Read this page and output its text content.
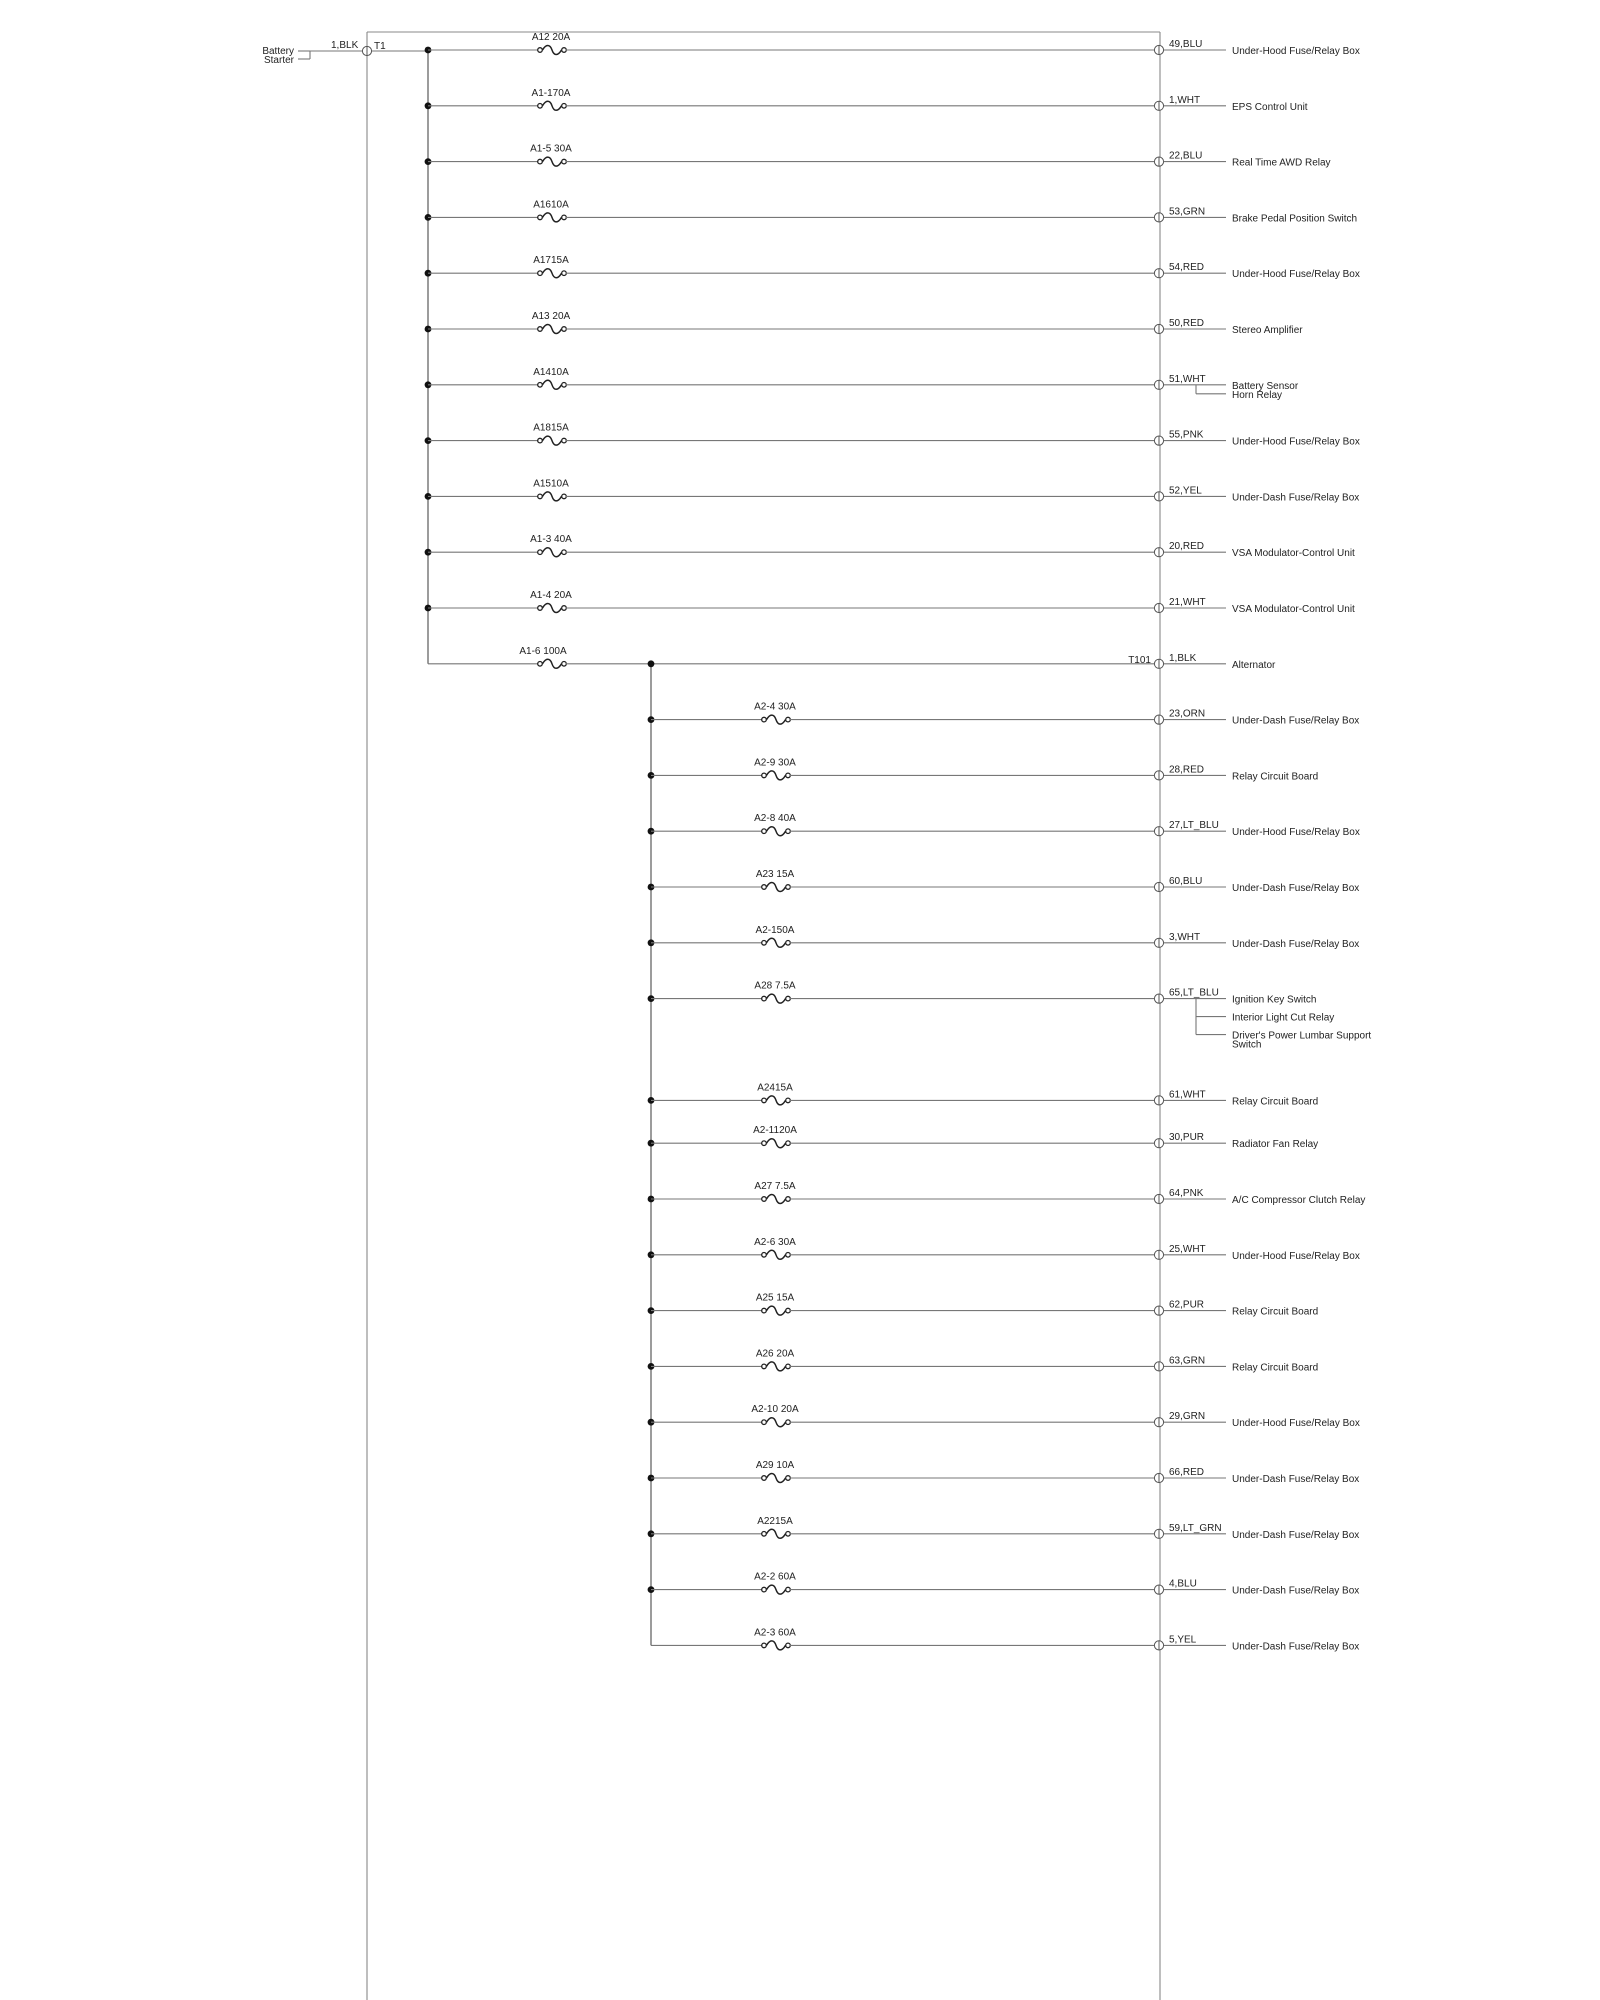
Battery
Starter
1,BLK T1
A12 20A
49,BLU
Under-Hood Fuse/Relay Box
A1-170A
1,WHT
EPS Control Unit
A1-5 30A
22,BLU
Real Time AWD Relay
A1610A
53,GRN
Brake Pedal Position Switch
A1715A
54,RED
Under-Hood Fuse/Relay Box
A13 20A
50,RED
Stereo Amplifier
A1410A
51,WHT
Battery Sensor
Horn Relay
A1815A
55,PNK
Under-Hood Fuse/Relay Box
A1510A
52,YEL
Under-Dash Fuse/Relay Box
A1-3 40A
20,RED
VSA Modulator-Control Unit
A1-4 20A
21,WHT
VSA Modulator-Control Unit
A1-6 100A
T101 1,BLK
Alternator
A2-4 30A
23,ORN
Under-Dash Fuse/Relay Box
A2-9 30A
28,RED
Relay Circuit Board
A2-8 40A
27,LT_BLU
Under-Hood Fuse/Relay Box
A23 15A
60,BLU
Under-Dash Fuse/Relay Box
A2-150A
3,WHT
Under-Dash Fuse/Relay Box
A28 7.5A
65,LT_BLU
Ignition Key Switch
Interior Light Cut Relay
Driver's Power Lumbar Support Switch
A2415A
61,WHT
Relay Circuit Board
A2-1120A
30,PUR
Radiator Fan Relay
A27 7.5A
64,PNK
A/C Compressor Clutch Relay
A2-6 30A
25,WHT
Under-Hood Fuse/Relay Box
A25 15A
62,PUR
Relay Circuit Board
A26 20A
63,GRN
Relay Circuit Board
A2-10 20A
29,GRN
Under-Hood Fuse/Relay Box
A29 10A
66,RED
Under-Dash Fuse/Relay Box
A2215A
59,LT_GRN
Under-Dash Fuse/Relay Box
A2-2 60A
4,BLU
Under-Dash Fuse/Relay Box
A2-3 60A
5,YEL
Under-Dash Fuse/Relay Box
